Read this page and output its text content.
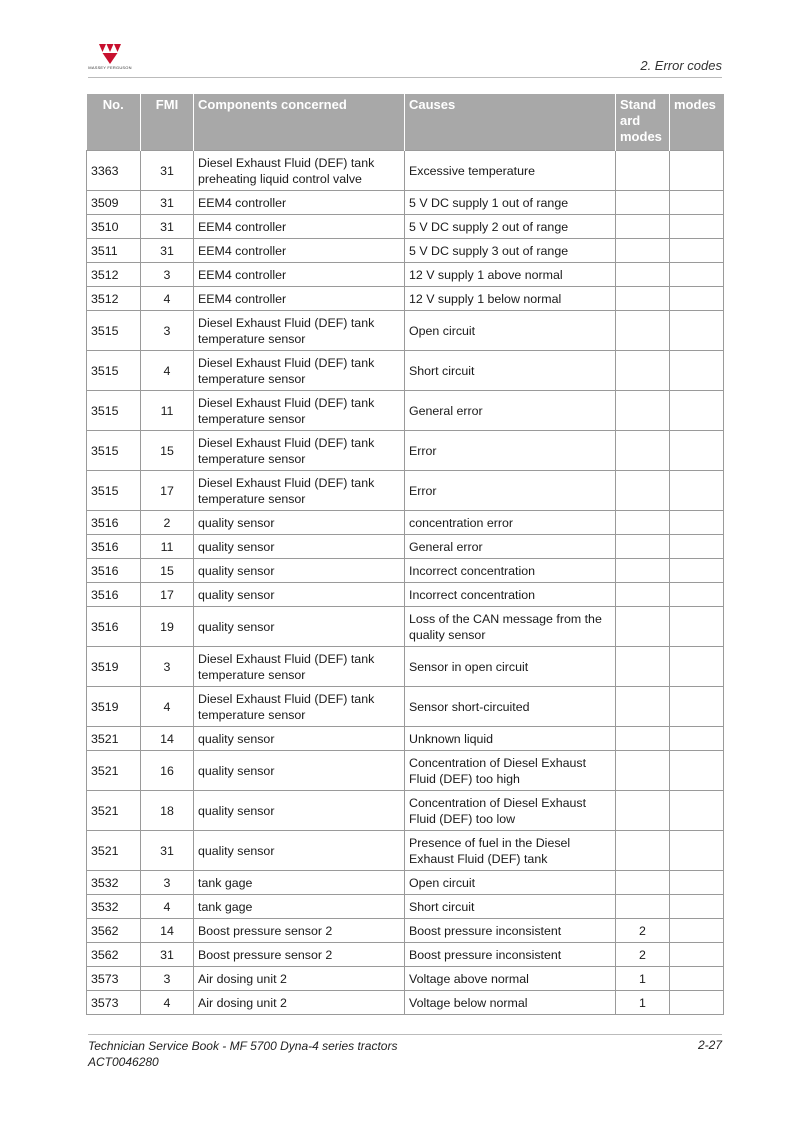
MASSEY FERGUSON	2. Error codes
No.	FMI	Components concerned	Causes	Stand ard modes	modes
3363	31	Diesel Exhaust Fluid (DEF) tank preheating liquid control valve	Excessive temperature		
3509	31	EEM4 controller	5 V DC supply 1 out of range		
3510	31	EEM4 controller	5 V DC supply 2 out of range		
3511	31	EEM4 controller	5 V DC supply 3 out of range		
3512	3	EEM4 controller	12 V supply 1 above normal		
3512	4	EEM4 controller	12 V supply 1 below normal		
3515	3	Diesel Exhaust Fluid (DEF) tank temperature sensor	Open circuit		
3515	4	Diesel Exhaust Fluid (DEF) tank temperature sensor	Short circuit		
3515	11	Diesel Exhaust Fluid (DEF) tank temperature sensor	General error		
3515	15	Diesel Exhaust Fluid (DEF) tank temperature sensor	Error		
3515	17	Diesel Exhaust Fluid (DEF) tank temperature sensor	Error		
3516	2	quality sensor	concentration error		
3516	11	quality sensor	General error		
3516	15	quality sensor	Incorrect concentration		
3516	17	quality sensor	Incorrect concentration		
3516	19	quality sensor	Loss of the CAN message from the quality sensor		
3519	3	Diesel Exhaust Fluid (DEF) tank temperature sensor	Sensor in open circuit		
3519	4	Diesel Exhaust Fluid (DEF) tank temperature sensor	Sensor short-circuited		
3521	14	quality sensor	Unknown liquid		
3521	16	quality sensor	Concentration of Diesel Exhaust Fluid (DEF) too high		
3521	18	quality sensor	Concentration of Diesel Exhaust Fluid (DEF) too low		
3521	31	quality sensor	Presence of fuel in the Diesel Exhaust Fluid (DEF) tank		
3532	3	tank gage	Open circuit		
3532	4	tank gage	Short circuit		
3562	14	Boost pressure sensor 2	Boost pressure inconsistent	2	
3562	31	Boost pressure sensor 2	Boost pressure inconsistent	2	
3573	3	Air dosing unit 2	Voltage above normal	1	
3573	4	Air dosing unit 2	Voltage below normal	1	
Technician Service Book - MF 5700 Dyna-4 series tractors
ACT0046280
2-27
